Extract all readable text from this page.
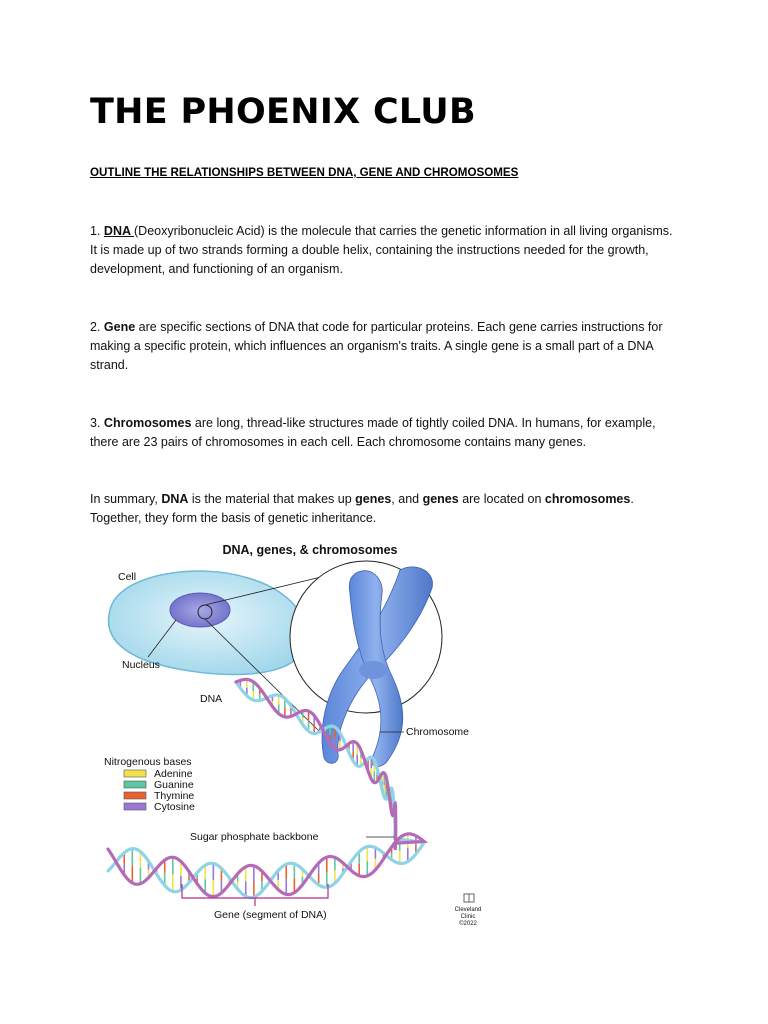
THE PHOENIX CLUB
OUTLINE THE RELATIONSHIPS BETWEEN DNA, GENE AND CHROMOSOMES
1. DNA (Deoxyribonucleic Acid) is the molecule that carries the genetic information in all living organisms. It is made up of two strands forming a double helix, containing the instructions needed for the growth, development, and functioning of an organism.
2. Gene are specific sections of DNA that code for particular proteins. Each gene carries instructions for making a specific protein, which influences an organism's traits. A single gene is a small part of a DNA strand.
3. Chromosomes are long, thread-like structures made of tightly coiled DNA. In humans, for example, there are 23 pairs of chromosomes in each cell. Each chromosome contains many genes.
In summary, DNA is the material that makes up genes, and genes are located on chromosomes. Together, they form the basis of genetic inheritance.
DNA, genes, & chromosomes
Cell
Nucleus
Chromosome
DNA
Nitrogenous bases
Adenine
Guanine
Thymine
Cytosine
Sugar phosphate backbone
Gene (segment of DNA)	Cleveland
Clinic
©2022
